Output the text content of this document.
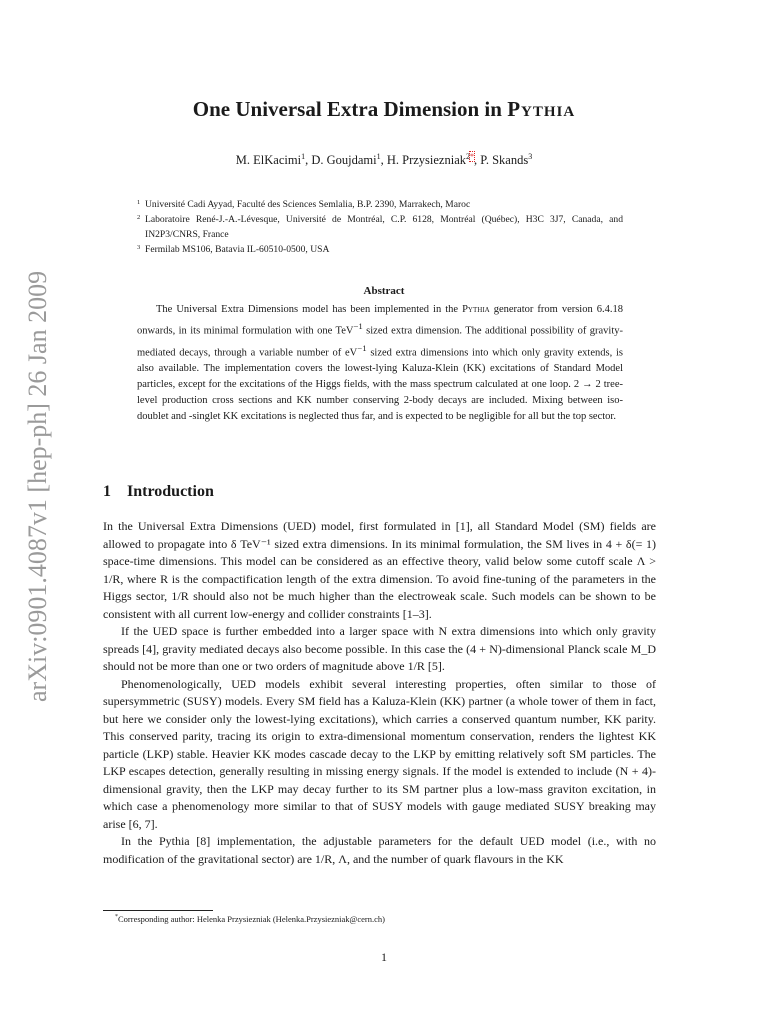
arXiv:0901.4087v1 [hep-ph] 26 Jan 2009
One Universal Extra Dimension in Pythia
M. ElKacimi$^1$, D. Goujdami$^1$, H. Przysiezniak$^{2*}$, P. Skands$^3$
1 Université Cadi Ayyad, Faculté des Sciences Semlalia, B.P. 2390, Marrakech, Maroc
2 Laboratoire René-J.-A.-Lévesque, Université de Montréal, C.P. 6128, Montréal (Québec), H3C 3J7, Canada, and IN2P3/CNRS, France
3 Fermilab MS106, Batavia IL-60510-0500, USA
Abstract
The Universal Extra Dimensions model has been implemented in the Pythia generator from version 6.4.18 onwards, in its minimal formulation with one TeV$^{-1}$ sized extra dimension. The additional possibility of gravity-mediated decays, through a variable number of $eV^{-1}$ sized extra dimensions into which only gravity extends, is also available. The implementation covers the lowest-lying Kaluza-Klein (KK) excitations of Standard Model particles, except for the excitations of the Higgs fields, with the mass spectrum calculated at one loop. 2 → 2 tree-level production cross sections and KK number conserving 2-body decays are included. Mixing between iso-doublet and -singlet KK excitations is neglected thus far, and is expected to be negligible for all but the top sector.
1 Introduction

In the Universal Extra Dimensions (UED) model, first formulated in [1], all Standard Model (SM) fields are allowed to propagate into δ TeV⁻¹ sized extra dimensions. In its minimal formulation, the SM lives in 4 + δ(= 1) space-time dimensions. This model can be considered as an effective theory, valid below some cutoff scale Λ > 1/R, where R is the compactification length of the extra dimension. To avoid fine-tuning of the parameters in the Higgs sector, 1/R should also not be much higher than the electroweak scale. Such models can be shown to be consistent with all current low-energy and collider constraints [1–3].

If the UED space is further embedded into a larger space with N extra dimensions into which only gravity spreads [4], gravity mediated decays also become possible. In this case the (4 + N)-dimensional Planck scale M_D should not be more than one or two orders of magnitude above 1/R [5].

Phenomenologically, UED models exhibit several interesting properties, often similar to those of supersymmetric (SUSY) models. Every SM field has a Kaluza-Klein (KK) partner (a whole tower of them in fact, but here we consider only the lowest-lying excitations), which carries a conserved quantum number, KK parity. This conserved parity, tracing its origin to extra-dimensional momentum conservation, renders the lightest KK particle (LKP) stable. Heavier KK modes cascade decay to the LKP by emitting relatively soft SM particles. The LKP escapes detection, generally resulting in missing energy signals. If the model is extended to include (N + 4)-dimensional gravity, then the LKP may decay further to its SM partner plus a low-mass graviton excitation, in which case a phenomenology more similar to that of SUSY models with gauge mediated SUSY breaking may arise [6, 7].

In the Pythia [8] implementation, the adjustable parameters for the default UED model (i.e., with no modification of the gravitational sector) are 1/R, Λ, and the number of quark flavours in the KK

*Corresponding author: Helenka Przysiezniak (Helenka.Przysiezniak@cern.ch)
1
